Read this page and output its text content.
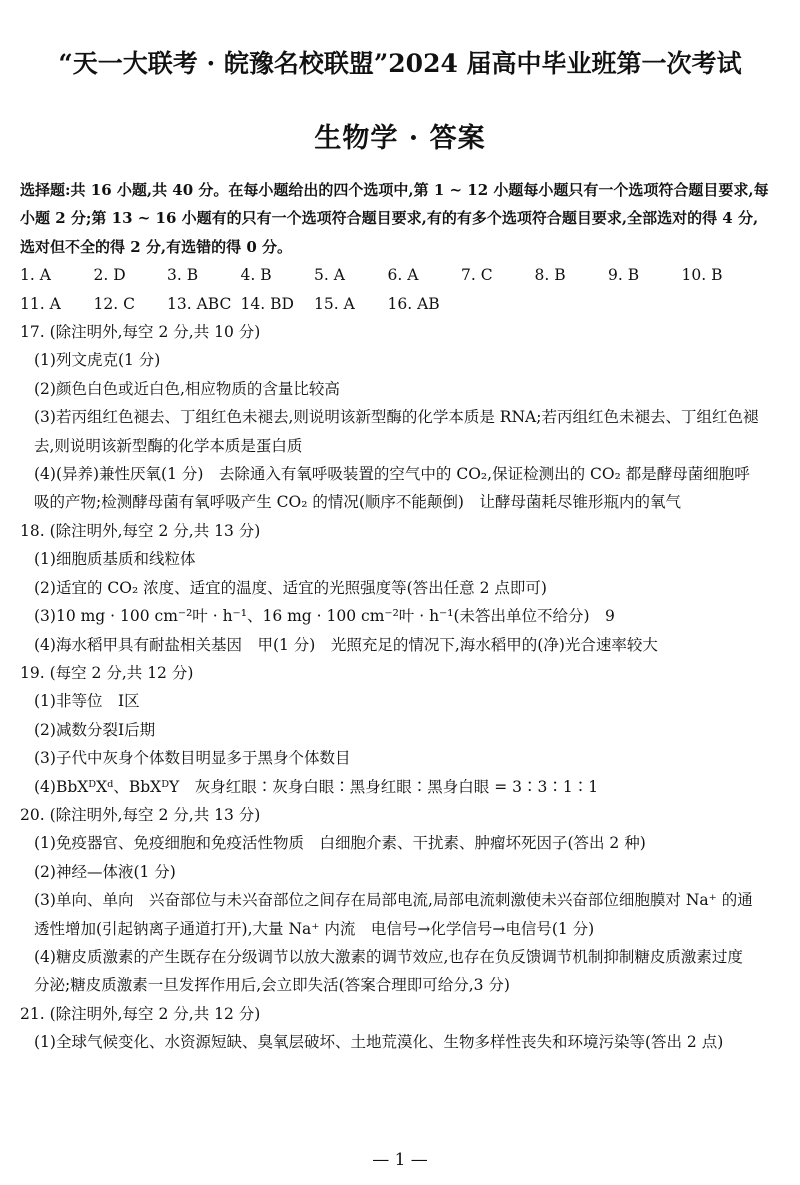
“天一大联考 · 皖豫名校联盟”2024 届高中毕业班第一次考试
生物学 · 答案
选择题:共 16 小题,共 40 分。在每小题给出的四个选项中,第 1 ~ 12 小题每小题只有一个选项符合题目要求,每
小题 2 分;第 13 ~ 16 小题有的只有一个选项符合题目要求,有的有多个选项符合题目要求,全部选对的得 4 分,
选对但不全的得 2 分,有选错的得 0 分。
1. A	2. D	3. B	4. B	5. A	6. A	7. C	8. B	9. B	10. B
11. A	12. C	13. ABC 14. BD	15. A	16. AB
17. (除注明外,每空 2 分,共 10 分)
(1)列文虎克(1 分)
(2)颜色白色或近白色,相应物质的含量比较高
(3)若丙组红色褪去、丁组红色未褪去,则说明该新型酶的化学本质是 RNA;若丙组红色未褪去、丁组红色褪
去,则说明该新型酶的化学本质是蛋白质
(4)(异养)兼性厌氧(1 分)　去除通入有氧呼吸装置的空气中的 CO₂,保证检测出的 CO₂ 都是酵母菌细胞呼
吸的产物;检测酵母菌有氧呼吸产生 CO₂ 的情况(顺序不能颠倒)　让酵母菌耗尽锥形瓶内的氧气
18. (除注明外,每空 2 分,共 13 分)
(1)细胞质基质和线粒体
(2)适宜的 CO₂ 浓度、适宜的温度、适宜的光照强度等(答出任意 2 点即可)
(3)10 mg · 100 cm⁻²叶 · h⁻¹、16 mg · 100 cm⁻²叶 · h⁻¹(未答出单位不给分)　9
(4)海水稻甲具有耐盐相关基因　甲(1 分)　光照充足的情况下,海水稻甲的(净)光合速率较大
19. (每空 2 分,共 12 分)
(1)非等位　Ⅰ区
(2)减数分裂Ⅰ后期
(3)子代中灰身个体数目明显多于黑身个体数目
(4)BbXᴰXᵈ、BbXᴰY　灰身红眼∶灰身白眼∶黑身红眼∶黑身白眼 = 3∶3∶1∶1
20. (除注明外,每空 2 分,共 13 分)
(1)免疫器官、免疫细胞和免疫活性物质　白细胞介素、干扰素、肿瘤坏死因子(答出 2 种)
(2)神经—体液(1 分)
(3)单向、单向　兴奋部位与未兴奋部位之间存在局部电流,局部电流刺激使未兴奋部位细胞膜对 Na⁺ 的通
透性增加(引起钠离子通道打开),大量 Na⁺ 内流　电信号→化学信号→电信号(1 分)
(4)糖皮质激素的产生既存在分级调节以放大激素的调节效应,也存在负反馈调节机制抑制糖皮质激素过度
分泌;糖皮质激素一旦发挥作用后,会立即失活(答案合理即可给分,3 分)
21. (除注明外,每空 2 分,共 12 分)
(1)全球气候变化、水资源短缺、臭氧层破坏、土地荒漠化、生物多样性丧失和环境污染等(答出 2 点)
— 1 —
